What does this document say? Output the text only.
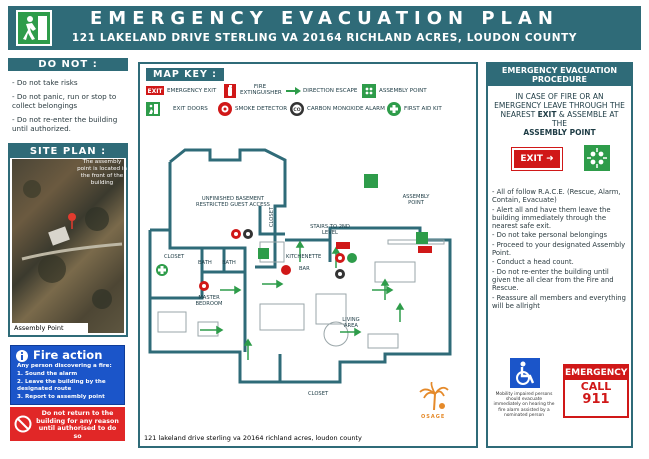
EMERGENCY EVACUATION PLAN
121 LAKELAND DRIVE STERLING VA 20164 RICHLAND ACRES, LOUDON COUNTY
DO NOT :
- Do not take risks
- Do not panic, run or stop to collect belongings
- Do not re-enter the building until authorized.
SITE PLAN :
The assembly point is located in the front of the building
Assembly Point
Fire action
Any person discovering a fire:
1. Sound the alarm
2. Leave the building by the designated route
3. Report to assembly point
Do not return to the building for any reason until authorised to do so
MAP KEY :
EXIT EMERGENCY EXIT
FIRE EXTINGUISHER	DIRECTION ESCAPE	ASSEMBLY POINT
EXIT DOORS	SMOKE DETECTOR CO CARBON MONOXIDE ALARM	FIRST AID KIT
UNFINISHED BASEMENT RESTRICTED GUEST ACCESS
CLOSET	STAIRS TO 2ND LEVEL
CLOSET
BATH BATH
KITCHENETTE
BAR
MASTER BEDROOM
LIVING AREA
CLOSET
ASSEMBLY POINT
OSAGE
121 lakeland drive sterling va 20164 richland acres, loudon county
EMERGENCY EVACUATION PROCEDURE
IN CASE OF FIRE OR AN EMERGENCY LEAVE THROUGH THE NEAREST EXIT & ASSEMBLE AT THE
ASSEMBLY POINT
EXIT ➜

- All of follow R.A.C.E. (Rescue, Alarm, Contain, Evacuate)

- Alert all and have them leave the building immediately through the nearest safe exit.

- Do not take personal belongings

- Proceed to your designated Assembly Point.

- Conduct a head count.

- Do not re-enter the building until given the all clear from the Fire and Rescue.

- Reassure all members and everything will be allright

Mobility impaired persons should evacuate immediately on hearing the fire alarm assisted by a nominated person
EMERGENCY
CALL
911
